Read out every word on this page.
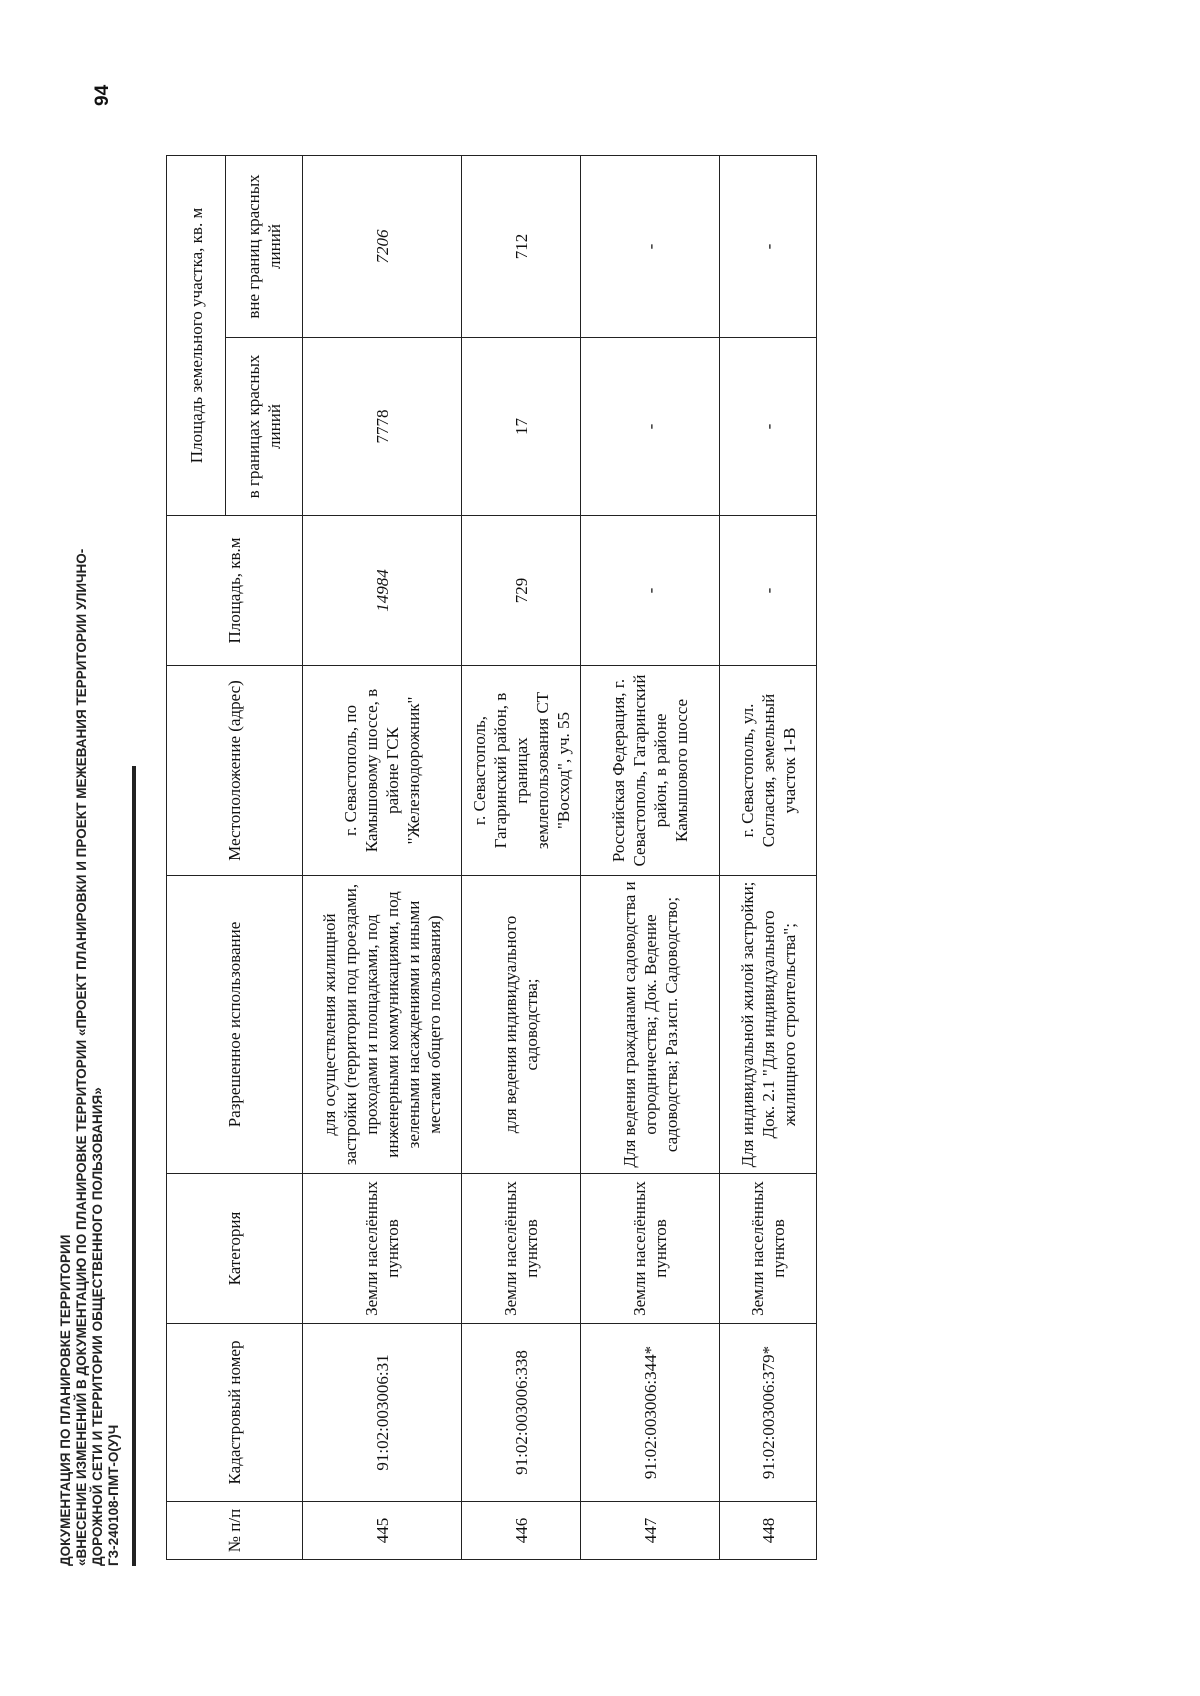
ДОКУМЕНТАЦИЯ ПО ПЛАНИРОВКЕ ТЕРРИТОРИИ «ВНЕСЕНИЕ ИЗМЕНЕНИЙ В ДОКУМЕНТАЦИЮ ПО ПЛАНИРОВКЕ ТЕРРИТОРИИ «ПРОЕКТ ПЛАНИРОВКИ И ПРОЕКТ МЕЖЕВАНИЯ ТЕРРИТОРИИ УЛИЧНО- ДОРОЖНОЙ СЕТИ И ТЕРРИТОРИИ ОБЩЕСТВЕННОГО ПОЛЬЗОВАНИЯ» ГЗ-240108-ПМТ-О(У)Ч
94
№ п/п	Кадастровый номер	Категория	Разрешенное использование	Местоположение (адрес)	Площадь, кв.м	Площадь земельного участка, кв. м	
						в границах красных линий	вне границ красных линий
445	91:02:003006:31	Земли населённых пунктов	для осуществления жилищной застройки (территории под проездами, проходами и площадками, под инженерными коммуникациями, под зелеными насаждениями и иными местами общего пользования)	г. Севастополь, по Камышовому шоссе, в районе ГСК "Железнодорожник"	14984	7778	7206
446	91:02:003006:338	Земли населённых пунктов	для ведения индивидуального садоводства;	г. Севастополь, Гагаринский район, в границах землепользования СТ "Восход", уч. 55	729	17	712
447	91:02:003006:344*	Земли населённых пунктов	Для ведения гражданами садоводства и огородничества; Док. Ведение садоводства; Раз.исп. Садоводство;	Российская Федерация, г. Севастополь, Гагаринский район, в районе Камышового шоссе	-	-	-
448	91:02:003006:379*	Земли населённых пунктов	Для индивидуальной жилой застройки; Док. 2.1 "Для индивидуального жилищного строительства";	г. Севастополь, ул. Согласия, земельный участок 1-В	-	-	-
